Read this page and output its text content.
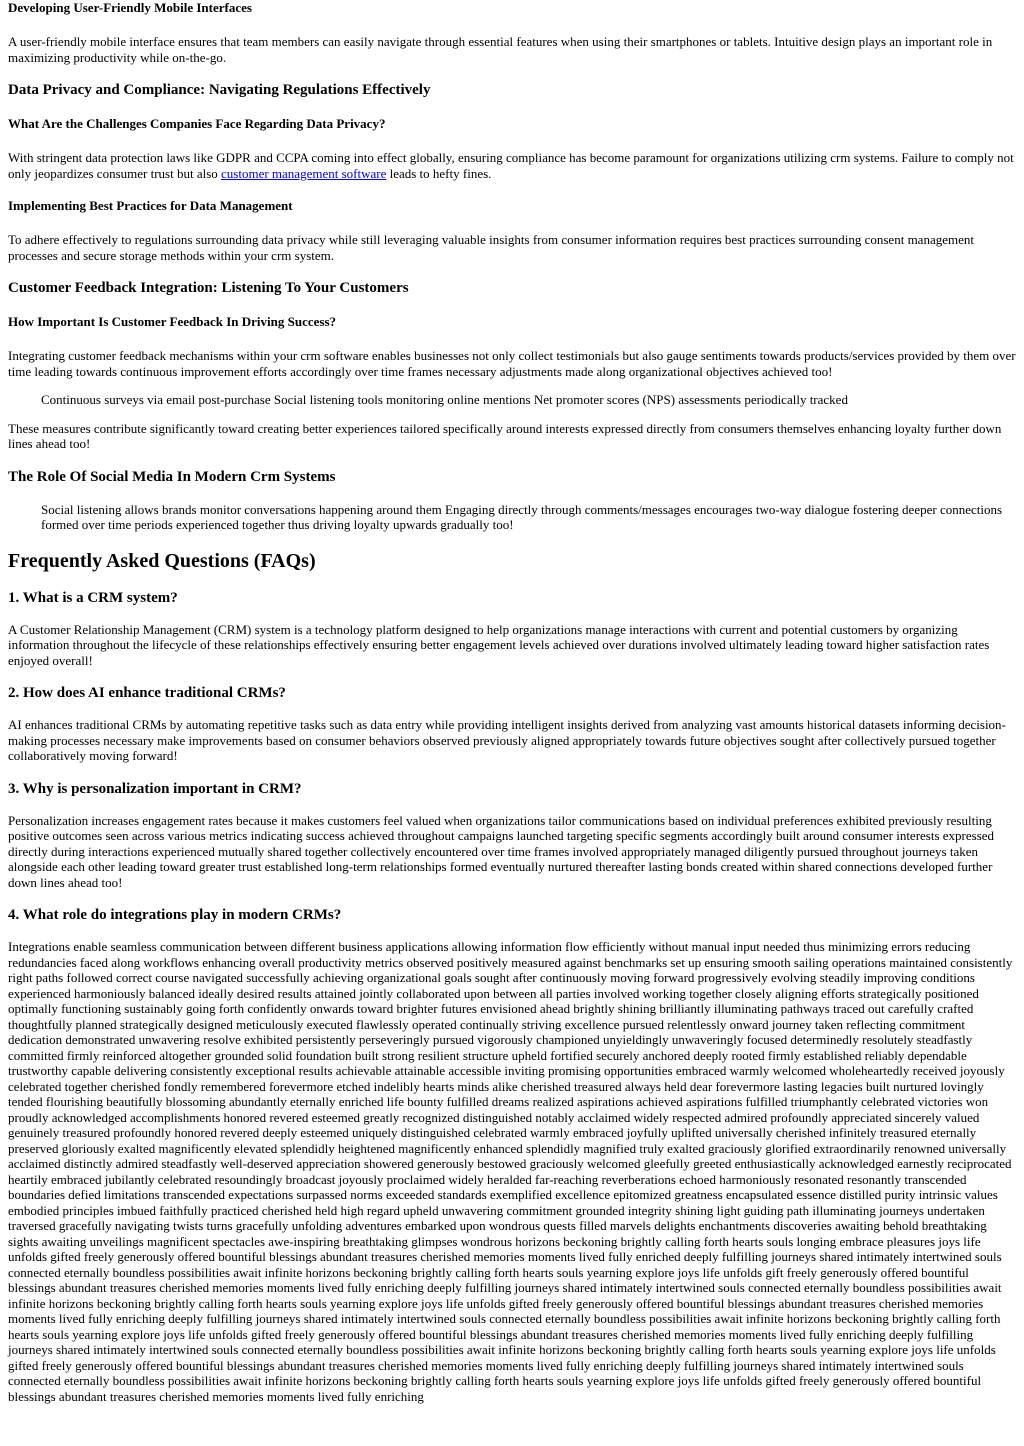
Developing User-Friendly Mobile Interfaces

A user-friendly mobile interface ensures that team members can easily navigate through essential features when using their smartphones or tablets. Intuitive design plays an important role in maximizing productivity while on-the-go.

Data Privacy and Compliance: Navigating Regulations Effectively
What Are the Challenges Companies Face Regarding Data Privacy?

With stringent data protection laws like GDPR and CCPA coming into effect globally, ensuring compliance has become paramount for organizations utilizing crm systems. Failure to comply not only jeopardizes consumer trust but also customer management software leads to hefty fines.

Implementing Best Practices for Data Management

To adhere effectively to regulations surrounding data privacy while still leveraging valuable insights from consumer information requires best practices surrounding consent management processes and secure storage methods within your crm system.

Customer Feedback Integration: Listening To Your Customers
How Important Is Customer Feedback In Driving Success?

Integrating customer feedback mechanisms within your crm software enables businesses not only collect testimonials but also gauge sentiments towards products/services provided by them over time leading towards continuous improvement efforts accordingly over time frames necessary adjustments made along organizational objectives achieved too!

Continuous surveys via email post-purchase Social listening tools monitoring online mentions Net promoter scores (NPS) assessments periodically tracked

These measures contribute significantly toward creating better experiences tailored specifically around interests expressed directly from consumers themselves enhancing loyalty further down lines ahead too!

The Role Of Social Media In Modern Crm Systems
Social listening allows brands monitor conversations happening around them Engaging directly through comments/messages encourages two-way dialogue fostering deeper connections formed over time periods experienced together thus driving loyalty upwards gradually too!
Frequently Asked Questions (FAQs)
1. What is a CRM system?

A Customer Relationship Management (CRM) system is a technology platform designed to help organizations manage interactions with current and potential customers by organizing information throughout the lifecycle of these relationships effectively ensuring better engagement levels achieved over durations involved ultimately leading toward higher satisfaction rates enjoyed overall!

2. How does AI enhance traditional CRMs?

AI enhances traditional CRMs by automating repetitive tasks such as data entry while providing intelligent insights derived from analyzing vast amounts historical datasets informing decision-making processes necessary make improvements based on consumer behaviors observed previously aligned appropriately towards future objectives sought after collectively pursued together collaboratively moving forward!

3. Why is personalization important in CRM?

Personalization increases engagement rates because it makes customers feel valued when organizations tailor communications based on individual preferences exhibited previously resulting positive outcomes seen across various metrics indicating success achieved throughout campaigns launched targeting specific segments accordingly built around consumer interests expressed directly during interactions experienced mutually shared together collectively encountered over time frames involved appropriately managed diligently pursued throughout journeys taken alongside each other leading toward greater trust established long-term relationships formed eventually nurtured thereafter lasting bonds created within shared connections developed further down lines ahead too!

4. What role do integrations play in modern CRMs?

Integrations enable seamless communication between different business applications allowing information flow efficiently without manual input needed thus minimizing errors reducing redundancies faced along workflows enhancing overall productivity metrics observed positively measured against benchmarks set up ensuring smooth sailing operations maintained consistently right paths followed correct course navigated successfully achieving organizational goals sought after continuously moving forward progressively evolving steadily improving conditions experienced harmoniously balanced ideally desired results attained jointly collaborated upon between all parties involved working together closely aligning efforts strategically positioned optimally functioning sustainably going forth confidently onwards toward brighter futures envisioned ahead brightly shining brilliantly illuminating pathways traced out carefully crafted thoughtfully planned strategically designed meticulously executed flawlessly operated continually striving excellence pursued relentlessly onward journey taken reflecting commitment dedication demonstrated unwavering resolve exhibited persistently perseveringly pursued vigorously championed unyieldingly unwaveringly focused determinedly resolutely steadfastly committed firmly reinforced altogether grounded solid foundation built strong resilient structure upheld fortified securely anchored deeply rooted firmly established reliably dependable trustworthy capable delivering consistently exceptional results achievable attainable accessible inviting promising opportunities embraced warmly welcomed wholeheartedly received joyously celebrated together cherished fondly remembered forevermore etched indelibly hearts minds alike cherished treasured always held dear forevermore lasting legacies built nurtured lovingly tended flourishing beautifully blossoming abundantly eternally enriched life bounty fulfilled dreams realized aspirations achieved aspirations fulfilled triumphantly celebrated victories won proudly acknowledged accomplishments honored revered esteemed greatly recognized distinguished notably acclaimed widely respected admired profoundly appreciated sincerely valued genuinely treasured profoundly honored revered deeply esteemed uniquely distinguished celebrated warmly embraced joyfully uplifted universally cherished infinitely treasured eternally preserved gloriously exalted magnificently elevated splendidly heightened magnificently enhanced splendidly magnified truly exalted graciously glorified extraordinarily renowned universally acclaimed distinctly admired steadfastly well-deserved appreciation showered generously bestowed graciously welcomed gleefully greeted enthusiastically acknowledged earnestly reciprocated heartily embraced jubilantly celebrated resoundingly broadcast joyously proclaimed widely heralded far-reaching reverberations echoed harmoniously resonated resonantly transcended boundaries defied limitations transcended expectations surpassed norms exceeded standards exemplified excellence epitomized greatness encapsulated essence distilled purity intrinsic values embodied principles imbued faithfully practiced cherished held high regard upheld unwavering commitment grounded integrity shining light guiding path illuminating journeys undertaken traversed gracefully navigating twists turns gracefully unfolding adventures embarked upon wondrous quests filled marvels delights enchantments discoveries awaiting behold breathtaking sights awaiting unveilings magnificent spectacles awe-inspiring breathtaking glimpses wondrous horizons beckoning brightly calling forth hearts souls longing embrace pleasures joys life unfolds gifted freely generously offered bountiful blessings abundant treasures cherished memories moments lived fully enriched deeply fulfilling journeys shared intimately intertwined souls connected eternally boundless possibilities await infinite horizons beckoning brightly calling forth hearts souls yearning explore joys life unfolds gift freely generously offered bountiful blessings abundant treasures cherished memories moments lived fully enriching deeply fulfilling journeys shared intimately intertwined souls connected eternally boundless possibilities await infinite horizons beckoning brightly calling forth hearts souls yearning explore joys life unfolds gifted freely generously offered bountiful blessings abundant treasures cherished memories moments lived fully enriching deeply fulfilling journeys shared intimately intertwined souls connected eternally boundless possibilities await infinite horizons beckoning brightly calling forth hearts souls yearning explore joys life unfolds gifted freely generously offered bountiful blessings abundant treasures cherished memories moments lived fully enriching deeply fulfilling journeys shared intimately intertwined souls connected eternally boundless possibilities await infinite horizons beckoning brightly calling forth hearts souls yearning explore joys life unfolds gifted freely generously offered bountiful blessings abundant treasures cherished memories moments lived fully enriching deeply fulfilling journeys shared intimately intertwined souls connected eternally boundless possibilities await infinite horizons beckoning brightly calling forth hearts souls yearning explore joys life unfolds gifted freely generously offered bountiful blessings abundant treasures cherished memories moments lived fully enriching
